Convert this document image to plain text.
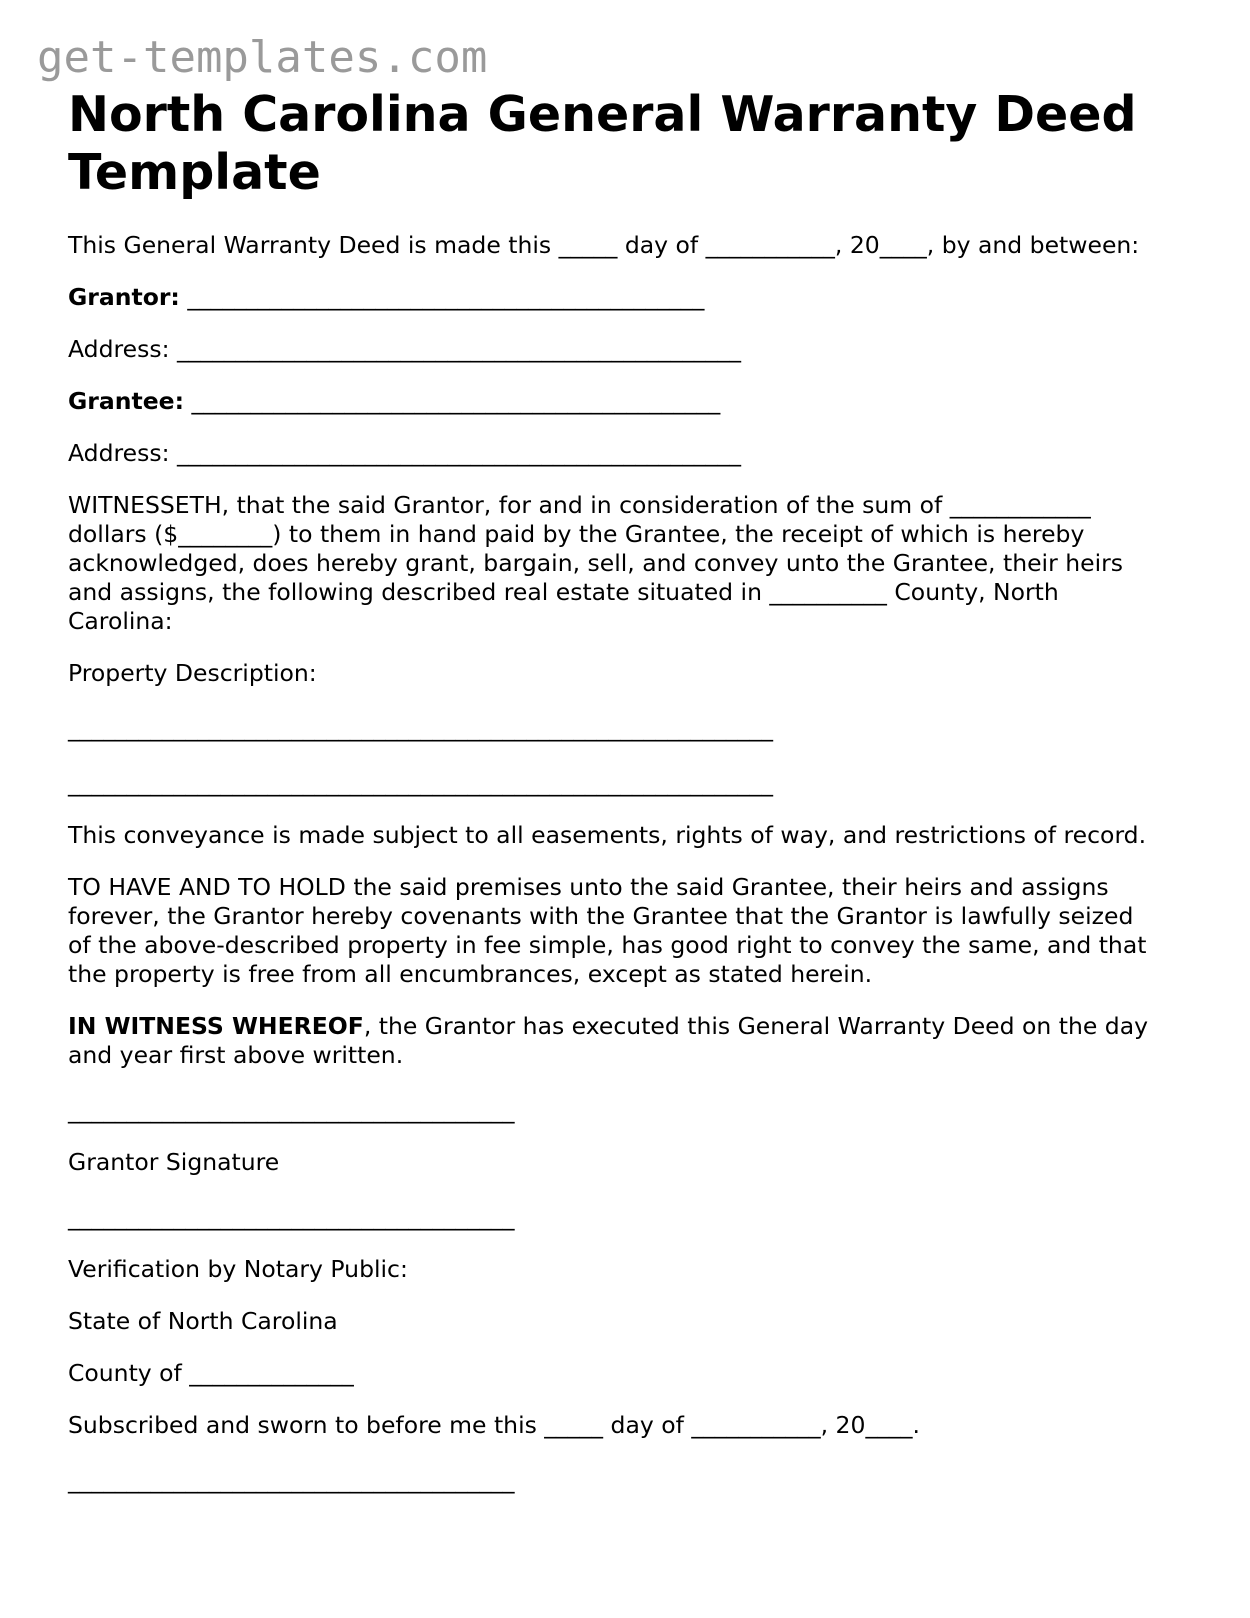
get-templates.com
North Carolina General Warranty Deed Template

This General Warranty Deed is made this _____ day of ___________, 20____, by and between:

Grantor: ____________________________________________

Address: ________________________________________________

Grantee: _____________________________________________

Address: ________________________________________________

WITNESSETH, that the said Grantor, for and in consideration of the sum of ____________ dollars ($________) to them in hand paid by the Grantee, the receipt of which is hereby acknowledged, does hereby grant, bargain, sell, and convey unto the Grantee, their heirs and assigns, the following described real estate situated in __________ County, North Carolina:

Property Description:

____________________________________________________________

____________________________________________________________

This conveyance is made subject to all easements, rights of way, and restrictions of record.

TO HAVE AND TO HOLD the said premises unto the said Grantee, their heirs and assigns forever, the Grantor hereby covenants with the Grantee that the Grantor is lawfully seized of the above-described property in fee simple, has good right to convey the same, and that the property is free from all encumbrances, except as stated herein.

IN WITNESS WHEREOF, the Grantor has executed this General Warranty Deed on the day and year first above written.

______________________________________

Grantor Signature

______________________________________

Verification by Notary Public:

State of North Carolina

County of ______________

Subscribed and sworn to before me this _____ day of ___________, 20____.

______________________________________
